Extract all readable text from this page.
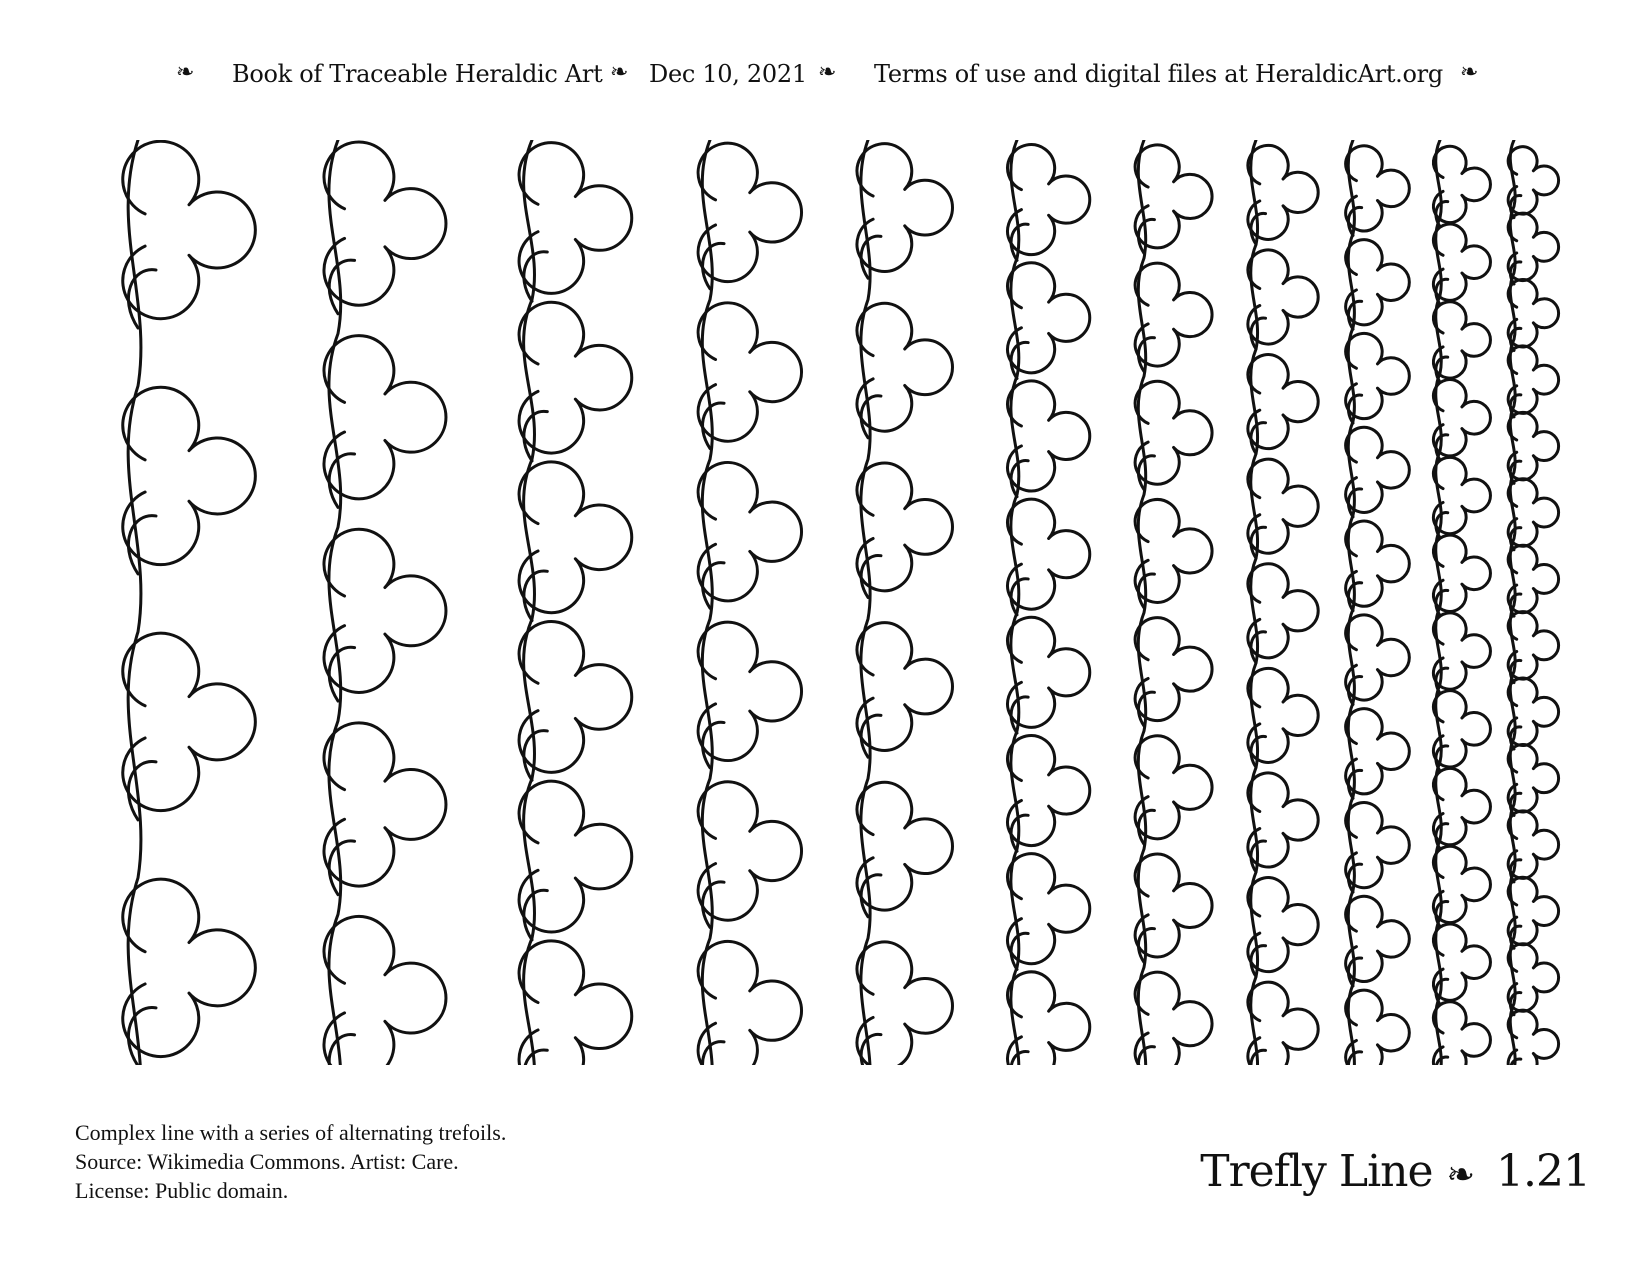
❧ Book of Traceable Heraldic Art ❧ Dec 10, 2021 ❧ Terms of use and digital files at HeraldicArt.org ❧
Complex line with a series of alternating trefoils.
Source: Wikimedia Commons. Artist: Care.
License: Public domain.	Trefly Line ❧ 1.21
